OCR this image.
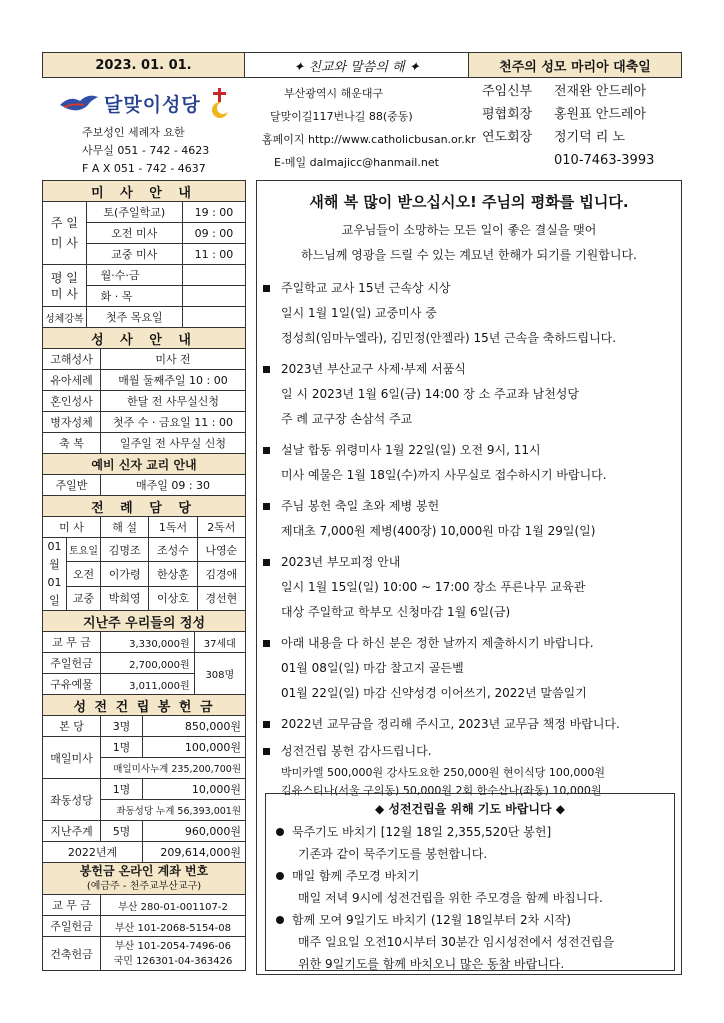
2023. 01. 01.	✦ 친교와 말씀의 해 ✦	천주의 성모 마리아 대축일
달맞이성당
주보성인 세례자 요한
사무실 051 - 742 - 4623
F A X 051 - 742 - 4637
부산광역시 해운대구
달맞이길117번나길 88(중동)
홈페이지 http://www.catholicbusan.or.kr
E-메일 dalmajicc@hanmail.net
주임신부	전재완 안드레아
평협회장	홍원표 안드레아
연도회장	정기덕 리 노
010-7463-3993
미 사 안 내		
주 일 미 사	토(주일학교)	19 : 00
	오전 미사	09 : 00
	교중 미사	11 : 00
평 일 미 사	월·수·금	
	화 · 목	
성체강복	첫주 목요일	
성 사 안 내	
고해성사	미사 전
유아세례	매월 둘째주일 10 : 00
혼인성사	한달 전 사무실신청
병자성체	첫주 수 · 금요일 11 : 00
축 복	일주일 전 사무실 신청
예비 신자 교리 안내	
주일반	매주일 09 : 30
전 례 담 당				
미 사		해 설	1독서	2독서
01월 01일	토요일	김명조	조성수	나영순
	오전	이가령	한상훈	김경애
	교중	박희영	이상호	경선현
지난주 우리들의 정성		
교 무 금	3,330,000원	37세대
주일헌금	2,700,000원	308명
구유예물	3,011,000원	
성 전 건 립 봉 헌 금		
본 당	3명	850,000원
매일미사	1명	100,000원
	매일미사누계 235,200,700원	
좌동성당	1명	10,000원
	좌동성당 누계 56,393,001원	
지난주계	5명	960,000원
2022년계		209,614,000원
봉헌금 온라인 계좌 번호
(예금주 - 천주교부산교구)	

교 무 금	부산 280-01-001107-2
주일헌금	부산 101-2068-5154-08
건축헌금	부산 101-2054-7496-06
국민 126301-04-363426
새해 복 많이 받으십시오! 주님의 평화를 빕니다.
교우님들이 소망하는 모든 일이 좋은 결실을 맺어
하느님께 영광을 드릴 수 있는 계묘년 한해가 되기를 기원합니다.
주일학교 교사 15년 근속상 시상
일시 1월 1일(일) 교중미사 중
정성희(임마누엘라), 김민정(안젤라) 15년 근속을 축하드립니다.
2023년 부산교구 사제·부제 서품식
일 시 2023년 1월 6일(금) 14:00 장 소 주교좌 남천성당
주 례 교구장 손삼석 주교
설날 합동 위령미사 1월 22일(일) 오전 9시, 11시
미사 예물은 1월 18일(수)까지 사무실로 접수하시기 바랍니다.
주님 봉헌 축일 초와 제병 봉헌
제대초 7,000원 제병(400장) 10,000원 마감 1월 29일(일)
2023년 부모피정 안내
일시 1월 15일(일) 10:00 ~ 17:00 장소 푸른나무 교육관
대상 주일학교 학부모 신청마감 1월 6일(금)
아래 내용을 다 하신 분은 정한 날까지 제출하시기 바랍니다.
01월 08일(일) 마감 찰고지 골든벨
01월 22일(일) 마감 신약성경 이어쓰기, 2022년 말씀일기
2022년 교무금을 정리해 주시고, 2023년 교무금 책정 바랍니다.
성전건립 봉헌 감사드립니다.
박미카엘 500,000원 강사도요한 250,000원 현이식당 100,000원
김유스티나(서울 구의동) 50,000원 2회 한수산나(좌동) 10,000원
◆ 성전건립을 위해 기도 바랍니다 ◆
묵주기도 바치기 [12월 18일 2,355,520단 봉헌]
기존과 같이 묵주기도를 봉헌합니다.
매일 함께 주모경 바치기
매일 저녁 9시에 성전건립을 위한 주모경을 함께 바칩니다.
함께 모여 9일기도 바치기 (12월 18일부터 2차 시작)
매주 일요일 오전10시부터 30분간 임시성전에서 성전건립을
위한 9일기도를 함께 바치오니 많은 동참 바랍니다.
